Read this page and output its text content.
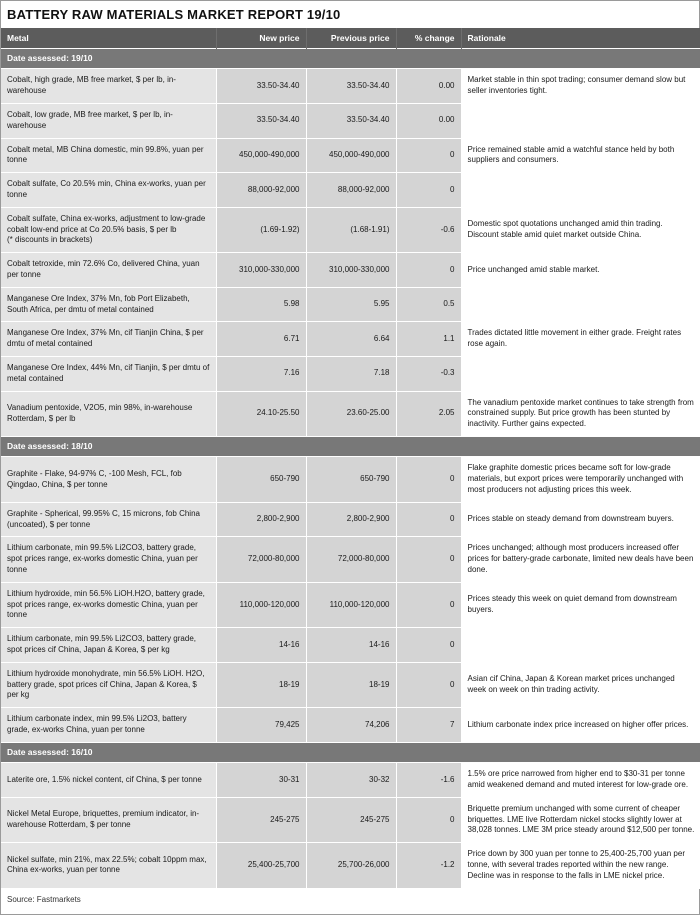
BATTERY RAW MATERIALS MARKET REPORT 19/10
Metal	New price	Previous price	% change	Rationale
Date assessed: 19/10				
Cobalt, high grade, MB free market, $ per lb, in-warehouse	33.50-34.40	33.50-34.40	0.00	Market stable in thin spot trading; consumer demand slow but seller inventories tight.
Cobalt, low grade, MB free market, $ per lb, in-warehouse	33.50-34.40	33.50-34.40	0.00	
Cobalt metal, MB China domestic, min 99.8%, yuan per tonne	450,000-490,000	450,000-490,000	0	Price remained stable amid a watchful stance held by both suppliers and consumers.
Cobalt sulfate, Co 20.5% min, China ex-works, yuan per tonne	88,000-92,000	88,000-92,000	0	
Cobalt sulfate, China ex-works, adjustment to low-grade cobalt low-end price at Co 20.5% basis, $ per lb
(* discounts in brackets)	(1.69-1.92)	(1.68-1.91)	-0.6	Domestic spot quotations unchanged amid thin trading. Discount stable amid quiet market outside China.
Cobalt tetroxide, min 72.6% Co, delivered China, yuan per tonne	310,000-330,000	310,000-330,000	0	Price unchanged amid stable market.
Manganese Ore Index, 37% Mn, fob Port Elizabeth, South Africa, per dmtu of metal contained	5.98	5.95	0.5	
Manganese Ore Index, 37% Mn, cif Tianjin China, $ per dmtu of metal contained	6.71	6.64	1.1	Trades dictated little movement in either grade. Freight rates rose again.
Manganese Ore Index, 44% Mn, cif Tianjin, $ per dmtu of metal contained	7.16	7.18	-0.3	
Vanadium pentoxide, V2O5, min 98%, in-warehouse Rotterdam, $ per lb	24.10-25.50	23.60-25.00	2.05	The vanadium pentoxide market continues to take strength from constrained supply. But price growth has been stunted by inactivity. Further gains expected.
Date assessed: 18/10				
Graphite - Flake, 94-97% C, -100 Mesh, FCL, fob Qingdao, China, $ per tonne	650-790	650-790	0	Flake graphite domestic prices became soft for low-grade materials, but export prices were temporarily unchanged with most producers not adjusting prices this week.
Graphite - Spherical, 99.95% C, 15 microns, fob China (uncoated), $ per tonne	2,800-2,900	2,800-2,900	0	Prices stable on steady demand from downstream buyers.
Lithium carbonate, min 99.5% Li2CO3, battery grade, spot prices range, ex-works domestic China, yuan per tonne	72,000-80,000	72,000-80,000	0	Prices unchanged; although most producers increased offer prices for battery-grade carbonate, limited new deals have been done.
Lithium hydroxide, min 56.5% LiOH.H2O, battery grade, spot prices range, ex-works domestic China, yuan per tonne	110,000-120,000	110,000-120,000	0	Prices steady this week on quiet demand from downstream buyers.
Lithium carbonate, min 99.5% Li2CO3, battery grade, spot prices cif China, Japan & Korea, $ per kg	14-16	14-16	0	
Lithium hydroxide monohydrate, min 56.5% LiOH. H2O, battery grade, spot prices cif China, Japan & Korea, $ per kg	18-19	18-19	0	Asian cif China, Japan & Korean market prices unchanged week on week on thin trading activity.
Lithium carbonate index, min 99.5% Li2O3, battery grade, ex-works China, yuan per tonne	79,425	74,206	7	Lithium carbonate index price increased on higher offer prices.
Date assessed: 16/10				
Laterite ore, 1.5% nickel content, cif China, $ per tonne	30-31	30-32	-1.6	1.5% ore price narrowed from higher end to $30-31 per tonne amid weakened demand and muted interest for low-grade ore.
Nickel Metal Europe, briquettes, premium indicator, in-warehouse Rotterdam, $ per tonne	245-275	245-275	0	Briquette premium unchanged with some current of cheaper briquettes. LME live Rotterdam nickel stocks slightly lower at 38,028 tonnes. LME 3M price steady around $12,500 per tonne.
Nickel sulfate, min 21%, max 22.5%; cobalt 10ppm max, China ex-works, yuan per tonne	25,400-25,700	25,700-26,000	-1.2	Price down by 300 yuan per tonne to 25,400-25,700 yuan per tonne, with several trades reported within the new range. Decline was in response to the falls in LME nickel price.
Source: Fastmarkets
